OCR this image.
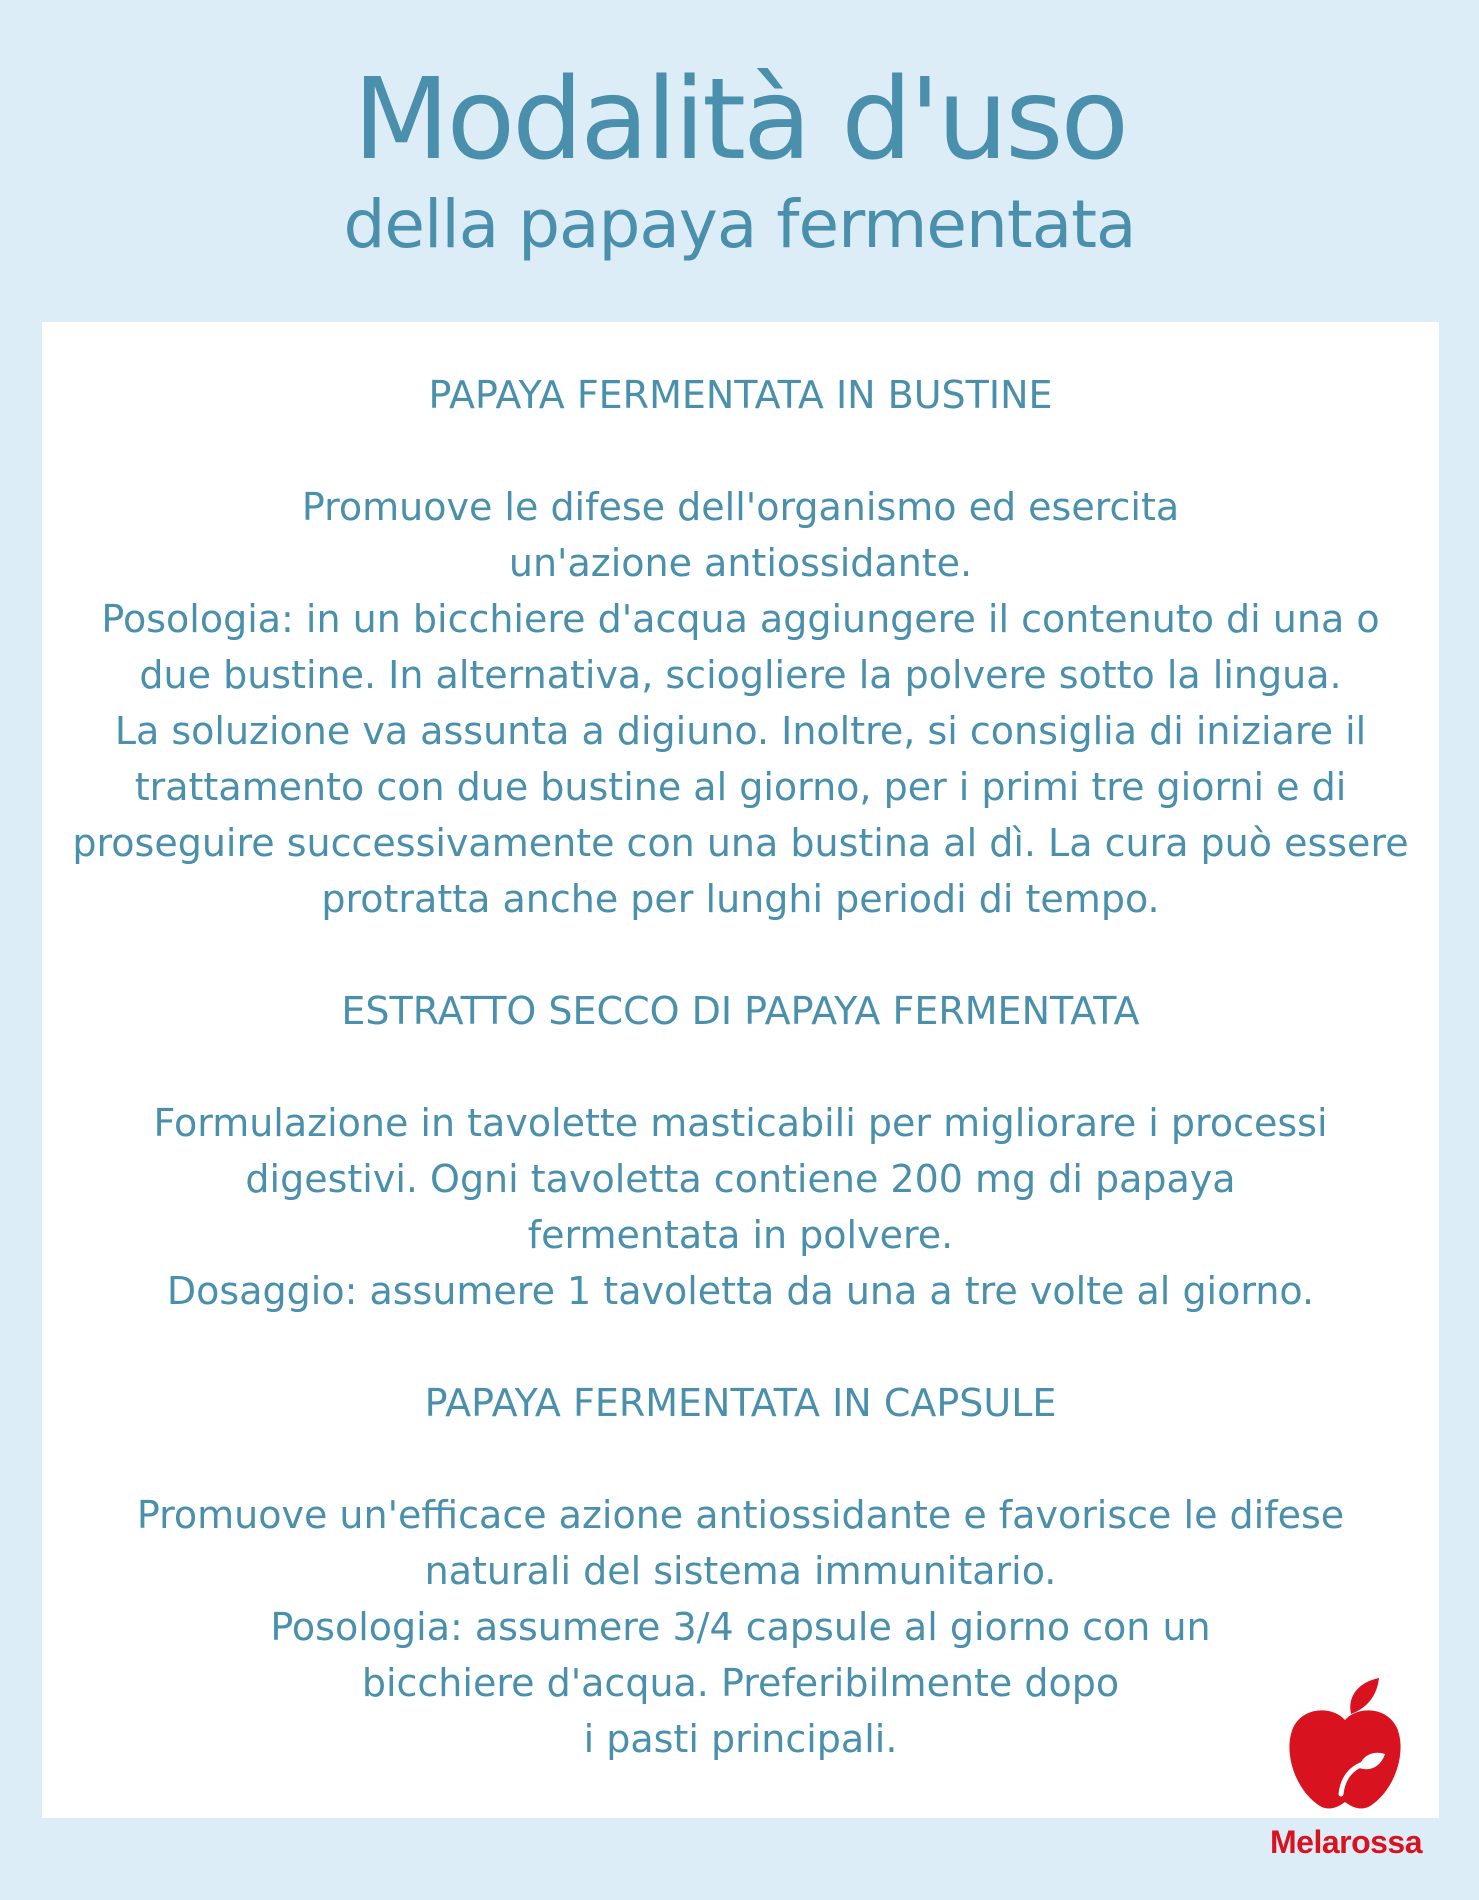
Modalità d'uso
della papaya fermentata
PAPAYA FERMENTATA IN BUSTINE

Promuove le difese dell'organismo ed esercita
un'azione antiossidante.
Posologia: in un bicchiere d'acqua aggiungere il contenuto di una o
due bustine. In alternativa, sciogliere la polvere sotto la lingua.
La soluzione va assunta a digiuno. Inoltre, si consiglia di iniziare il
trattamento con due bustine al giorno, per i primi tre giorni e di
proseguire successivamente con una bustina al dì. La cura può essere
protratta anche per lunghi periodi di tempo.

ESTRATTO SECCO DI PAPAYA FERMENTATA

Formulazione in tavolette masticabili per migliorare i processi
digestivi. Ogni tavoletta contiene 200 mg di papaya
fermentata in polvere.
Dosaggio: assumere 1 tavoletta da una a tre volte al giorno.

PAPAYA FERMENTATA IN CAPSULE

Promuove un'efficace azione antiossidante e favorisce le difese
naturali del sistema immunitario.
Posologia: assumere 3/4 capsule al giorno con un
bicchiere d'acqua. Preferibilmente dopo
i pasti principali.

Melarossa
